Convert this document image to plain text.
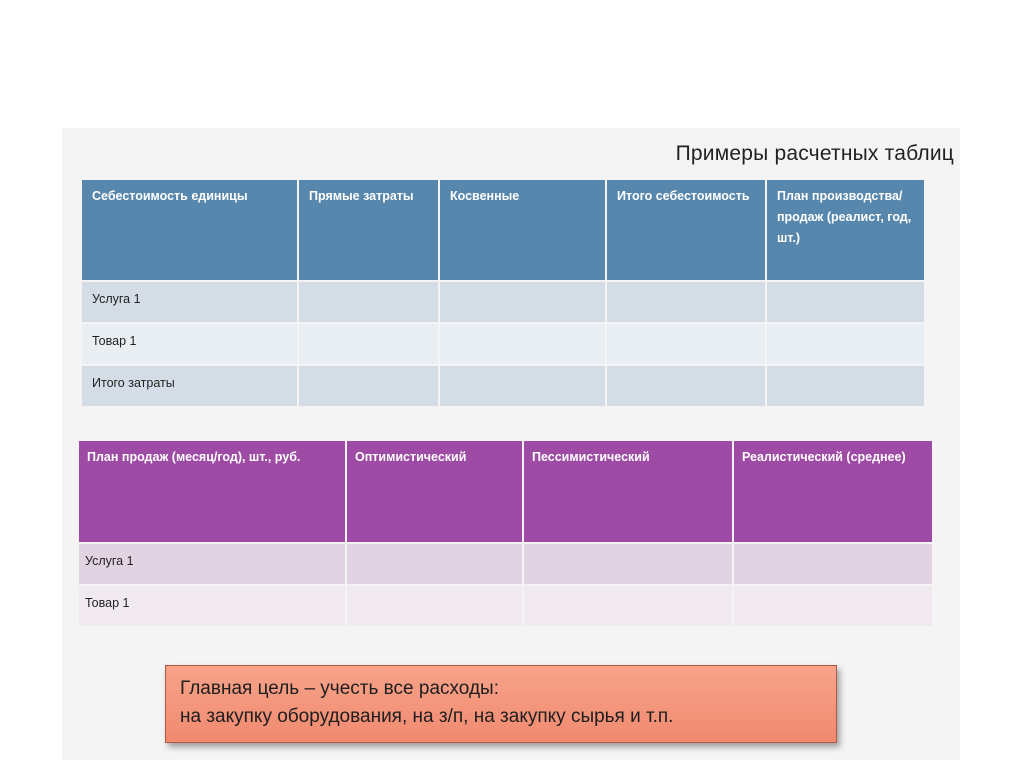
Примеры расчетных таблиц
Себестоимость единицы	Прямые затраты	Косвенные	Итого себестоимость	План производства/продаж (реалист, год, шт.)
Услуга 1				
Товар 1				
Итого затраты				
План продаж (месяц/год), шт., руб.	Оптимистический	Пессимистический	Реалистический (среднее)
Услуга 1			
Товар 1			
Главная цель – учесть все расходы:
на закупку оборудования, на з/п, на закупку сырья и т.п.
